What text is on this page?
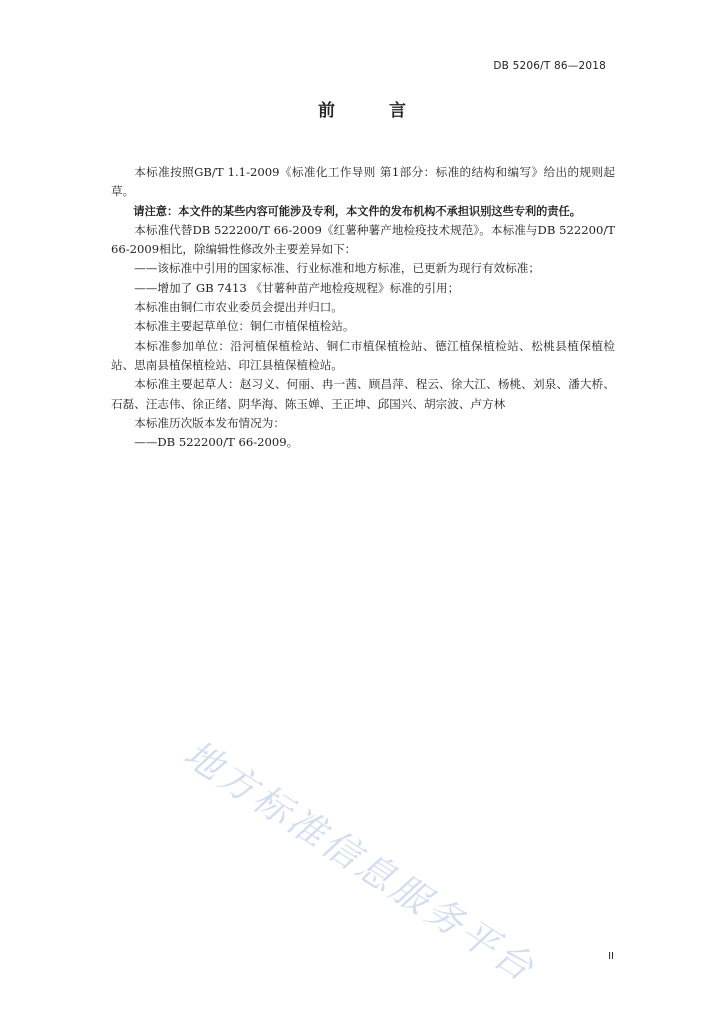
DB 5206/T 86—2018
前 言

本标准按照GB/T 1.1-2009《标准化工作导则 第1部分：标准的结构和编写》给出的规则起草。

请注意：本文件的某些内容可能涉及专利，本文件的发布机构不承担识别这些专利的责任。

本标准代替DB 522200/T 66-2009《红薯种薯产地检疫技术规范》。本标准与DB 522200/T 66-2009相比，除编辑性修改外主要差异如下：

——该标准中引用的国家标准、行业标准和地方标准，已更新为现行有效标准；

——增加了 GB 7413 《甘薯种苗产地检疫规程》标准的引用；

本标准由铜仁市农业委员会提出并归口。

本标准主要起草单位：铜仁市植保植检站。

本标准参加单位：沿河植保植检站、铜仁市植保植检站、德江植保植检站、松桃县植保植检站、思南县植保植检站、印江县植保植检站。

本标准主要起草人：赵习义、何丽、冉一茜、顾昌萍、程云、徐大江、杨桃、刘泉、潘大桥、石磊、汪志伟、徐正绪、阴华海、陈玉婵、王正坤、邱国兴、胡宗波、卢方林

本标准历次版本发布情况为：

——DB 522200/T 66-2009。

地方标准信息服务平台	II
